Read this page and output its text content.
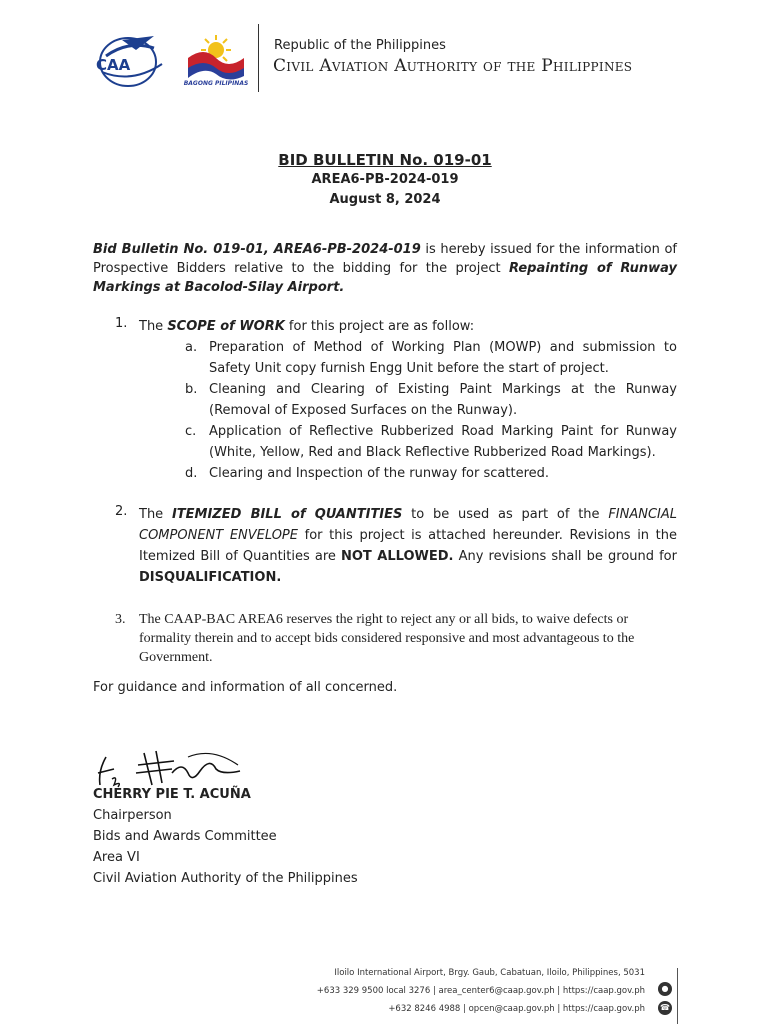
CAA
BAGONG PILIPINAS
Republic of the Philippines
Civil Aviation Authority of the Philippines
BID BULLETIN No. 019-01
AREA6-PB-2024-019
August 8, 2024
Bid Bulletin No. 019-01, AREA6-PB-2024-019 is hereby issued for the information of Prospective Bidders relative to the bidding for the project Repainting of Runway Markings at Bacolod-Silay Airport.
1. The SCOPE of WORK for this project are as follow:
a. Preparation of Method of Working Plan (MOWP) and submission to Safety Unit copy furnish Engg Unit before the start of project.
b. Cleaning and Clearing of Existing Paint Markings at the Runway (Removal of Exposed Surfaces on the Runway).
c. Application of Reflective Rubberized Road Marking Paint for Runway (White, Yellow, Red and Black Reflective Rubberized Road Markings).
d. Clearing and Inspection of the runway for scattered.
2. The ITEMIZED BILL of QUANTITIES to be used as part of the FINANCIAL COMPONENT ENVELOPE for this project is attached hereunder. Revisions in the Itemized Bill of Quantities are NOT ALLOWED. Any revisions shall be ground for DISQUALIFICATION.
3. The CAAP-BAC AREA6 reserves the right to reject any or all bids, to waive defects or formality therein and to accept bids considered responsive and most advantageous to the Government.
For guidance and information of all concerned.
CHERRY PIE T. ACUÑA
Chairperson
Bids and Awards Committee
Area VI
Civil Aviation Authority of the Philippines
Iloilo International Airport, Brgy. Gaub, Cabatuan, Iloilo, Philippines, 5031
+633 329 9500 local 3276 | area_center6@caap.gov.ph | https://caap.gov.ph
+632 8246 4988 | opcen@caap.gov.ph | https://caap.gov.ph
●
☎
